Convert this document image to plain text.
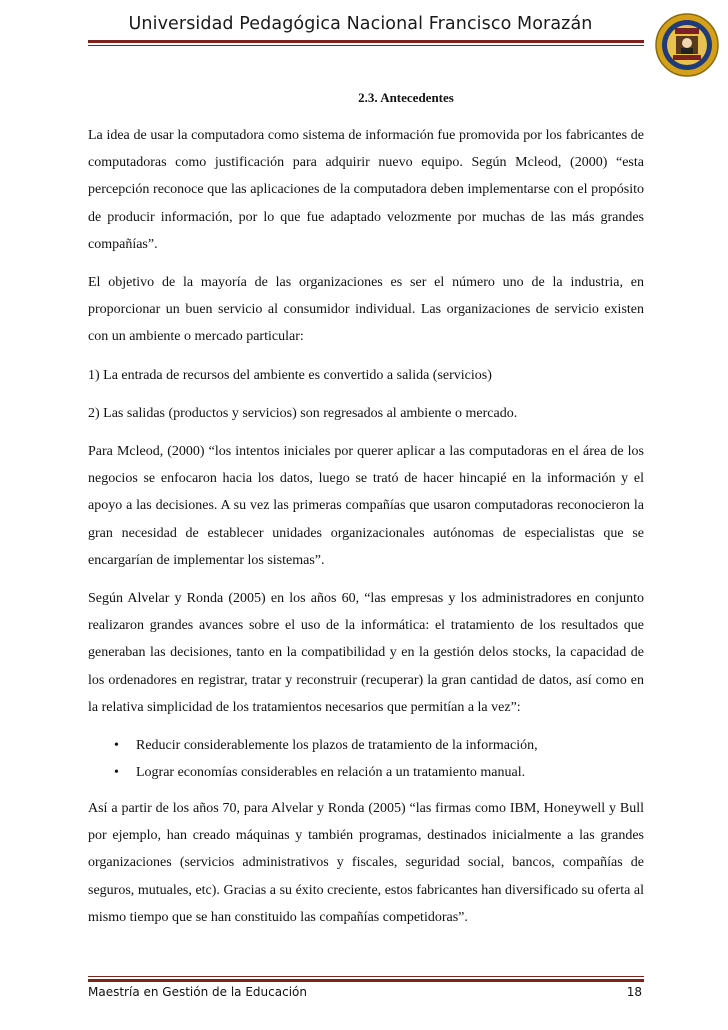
Universidad Pedagógica Nacional Francisco Morazán
2.3. Antecedentes

La idea de usar la computadora como sistema de información fue promovida por los fabricantes de computadoras como justificación para adquirir nuevo equipo. Según Mcleod, (2000) “esta percepción reconoce que las aplicaciones de la computadora deben implementarse con el propósito de producir información, por lo que fue adaptado velozmente por muchas de las más grandes compañías”.

El objetivo de la mayoría de las organizaciones es ser el número uno de la industria, en proporcionar un buen servicio al consumidor individual. Las organizaciones de servicio existen con un ambiente o mercado particular:

1) La entrada de recursos del ambiente es convertido a salida (servicios)

2) Las salidas (productos y servicios) son regresados al ambiente o mercado.

Para Mcleod, (2000) “los intentos iniciales por querer aplicar a las computadoras en el área de los negocios se enfocaron hacia los datos, luego se trató de hacer hincapié en la información y el apoyo a las decisiones. A su vez las primeras compañías que usaron computadoras reconocieron la gran necesidad de establecer unidades organizacionales autónomas de especialistas que se encargarían de implementar los sistemas”.

Según Alvelar y Ronda (2005) en los años 60, “las empresas y los administradores en conjunto realizaron grandes avances sobre el uso de la informática: el tratamiento de los resultados que generaban las decisiones, tanto en la compatibilidad y en la gestión delos stocks, la capacidad de los ordenadores en registrar, tratar y reconstruir (recuperar) la gran cantidad de datos, así como en la relativa simplicidad de los tratamientos necesarios que permitían a la vez”:

• Reducir considerablemente los plazos de tratamiento de la información,
• Lograr economías considerables en relación a un tratamiento manual.

Así a partir de los años 70, para Alvelar y Ronda (2005) “las firmas como IBM, Honeywell y Bull por ejemplo, han creado máquinas y también programas, destinados inicialmente a las grandes organizaciones (servicios administrativos y fiscales, seguridad social, bancos, compañías de seguros, mutuales, etc). Gracias a su éxito creciente, estos fabricantes han diversificado su oferta al mismo tiempo que se han constituido las compañías competidoras”.

Maestría en Gestión de la Educación	18
